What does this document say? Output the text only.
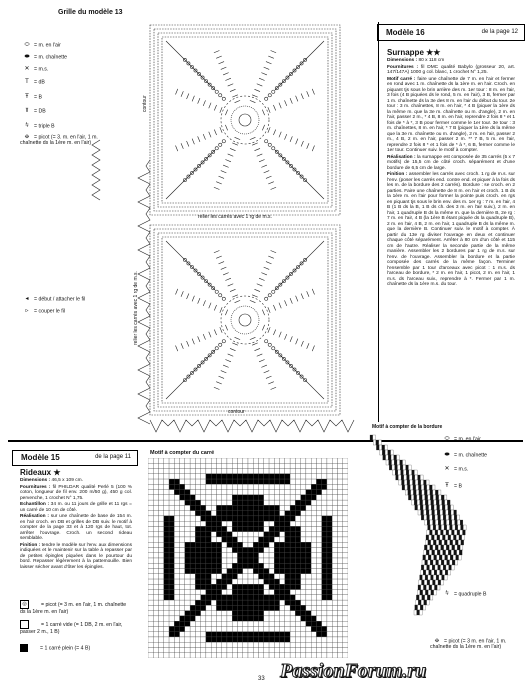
Grille du modèle 13
⬭ = m. en l'air
⬬ = m. chaînette
✕ = m.s.
T = dB
Ŧ = B
⫪ = DB
⫩ = triple B
ꝋ = picot (= 3. m. en l'air, 1 m. chaînette ds la 1ère m. en l'air)
◂ = début / attacher le fil
▹ = couper le fil
relier les carrés avec 1 rg de m.s.
relier les carrés avec 1 rg de m.s.
contour
contour
Modèle 16	de la page 12
Surnappe ★★

Dimensions : 80 x 118 cm

Fournitures : fil DMC qualité Babylo (grosseur 20, art. 147/147A) 1000 g col. blanc, 1 crochet N° 1,25.

Motif carré : faire une chaînette de 7 m. en l'air et fermer en rond avec 1 m. chaînette ds la 1ère m. en l'air. Croch. en piquant tjs sous le brin arrière des m. 1er tour : 8 m. en l'air, 3 fois (4 B piquées ds le rond, 5 m. en l'air), 3 B, fermer par 1 m. chaînette ds la 3e des 8 m. en l'air du début du tour. 2e tour : 3 m. chaînettes, 8 m. en l'air, * 4 B (piquer la 1ère ds la même m. que la 3e m. chaînette ou m. d'angle), 2 m. en l'air, passer 2 m., * 4 B, 8 m. en l'air, reprendre 2 fois 8 * et 1 fois de * à *, 3 B pour fermer comme le 1er tour. 3e tour : 3 m. chaînettes, 8 m. en l'air, * 7 B (piquer la 1ère ds la même que la 3e m. chaînette ou m. d'angle), 2 m. en l'air, passer 2 m., 4 B, 2 m. en l'air, passer 2 m. ** 7 B, 5 m. en l'air, reprendre 2 fois 8 * et 1 fois de * à *, 6 B, fermer comme le 1er tour. Continuer suiv. le motif à compter.

Réalisation : la surnappe est composée de 35 carrés (5 x 7 motifs) de 15,5 cm de côté croch. séparément et d'une bordure de 6,5 cm de large.

Finition : assembler les carrés avec croch. 1 rg de m.s. sur l'env. (poser les carrés end. contre end. et piquer à la fois ds les m. de la bordure des 2 carrés). Bordure : se croch. en 2 parties. Faire une chaînette de 8 m. en l'air et croch. 1 B ds la 1ère m. en l'air pour former la pointe puis croch. en rgs en piquant tjs sous le brin env. des m. 1er rg : 7 m. en l'air, 4 B (1 B ds la B, 1 B ds ch. des 3 m. en l'air suiv.), 2 m. en l'air, 1 quadruple B ds la même m. que la dernière B, 2e rg : 7 m. en l'air, 4 B (la 1ère B étant piquée ds la quadruple B), 2 m. en l'air, 4 B, 2 m. en l'air, 1 quadruple B ds la même m. que la dernière B. Continuer suiv. le motif à compter. À partir du 13e rg diviser l'ouvrage en deux et continuer chaque côté séparément. Arrêter à 80 cm d'un côté et 115 cm de l'autre. Réaliser la seconde partie de la même manière. Assembler les 2 bordures par 1 rg de m.s. sur l'env. de l'ouvrage. Assembler la bordure et la partie composée des carrés de la même façon. Terminer l'ensemble par 1 tour d'arceaux avec picot : 1 m.s. ds l'arceau de bordure, * 2 m. en l'air, 1 picot, 2 m. en l'air, 1 m.s. ds l'arceau suiv., reprendre à *. Fermer par 1 m. chaînette ds la 1ère m.s. du tour.

Modèle 15	de la page 11
Rideaux ★

Dimensions : 46,5 x 109 cm.

Fournitures : fil PHILDAR qualité Perlé 5 (100 % coton, longueur de fil env. 200 m/50 g), 450 g col. pervenche, 1 crochet N° 1,75.

Echantillon : 34 m. ou 11 jours de grille et 11 rgs = un carré de 10 cm de côté.

Réalisation : sur une chaînette de base de 154 m. en l'air croch. en DB et grilles de DB suiv. le motif à compter de la page 33 et à 120 rgs de haut, tot. arrêter l'ouvrage. Croch. un second rideau semblable.

Finition : tendre le modèle sur l'env. aux dimensions indiquées et le maintenir sur la table à repasser par de petites épingles piquées dans le pourtour du bord. Repasser légèrement à la pattemouille. Bien laisser sécher avant d'ôter les épingles.

◎	= picot (= 3 m. en l'air, 1 m. chaînette ds la 1ère m. en l'air)
= 1 carré vide (= 1 DB, 2 m. en l'air, passer 2 m., 1 B)
= 1 carré plein (= 4 B)
Motif à compter du carré
Motif à compter de la bordure
⬭ = m. en l'air
⬬ = m. chaînette
✕ = m.s.
Ŧ = B
⫩ = quadruple B
ꝋ = picot (= 3 m. en l'air, 1 m. chaînette ds la 1ère m. en l'air)
PassionForum.ru
33
